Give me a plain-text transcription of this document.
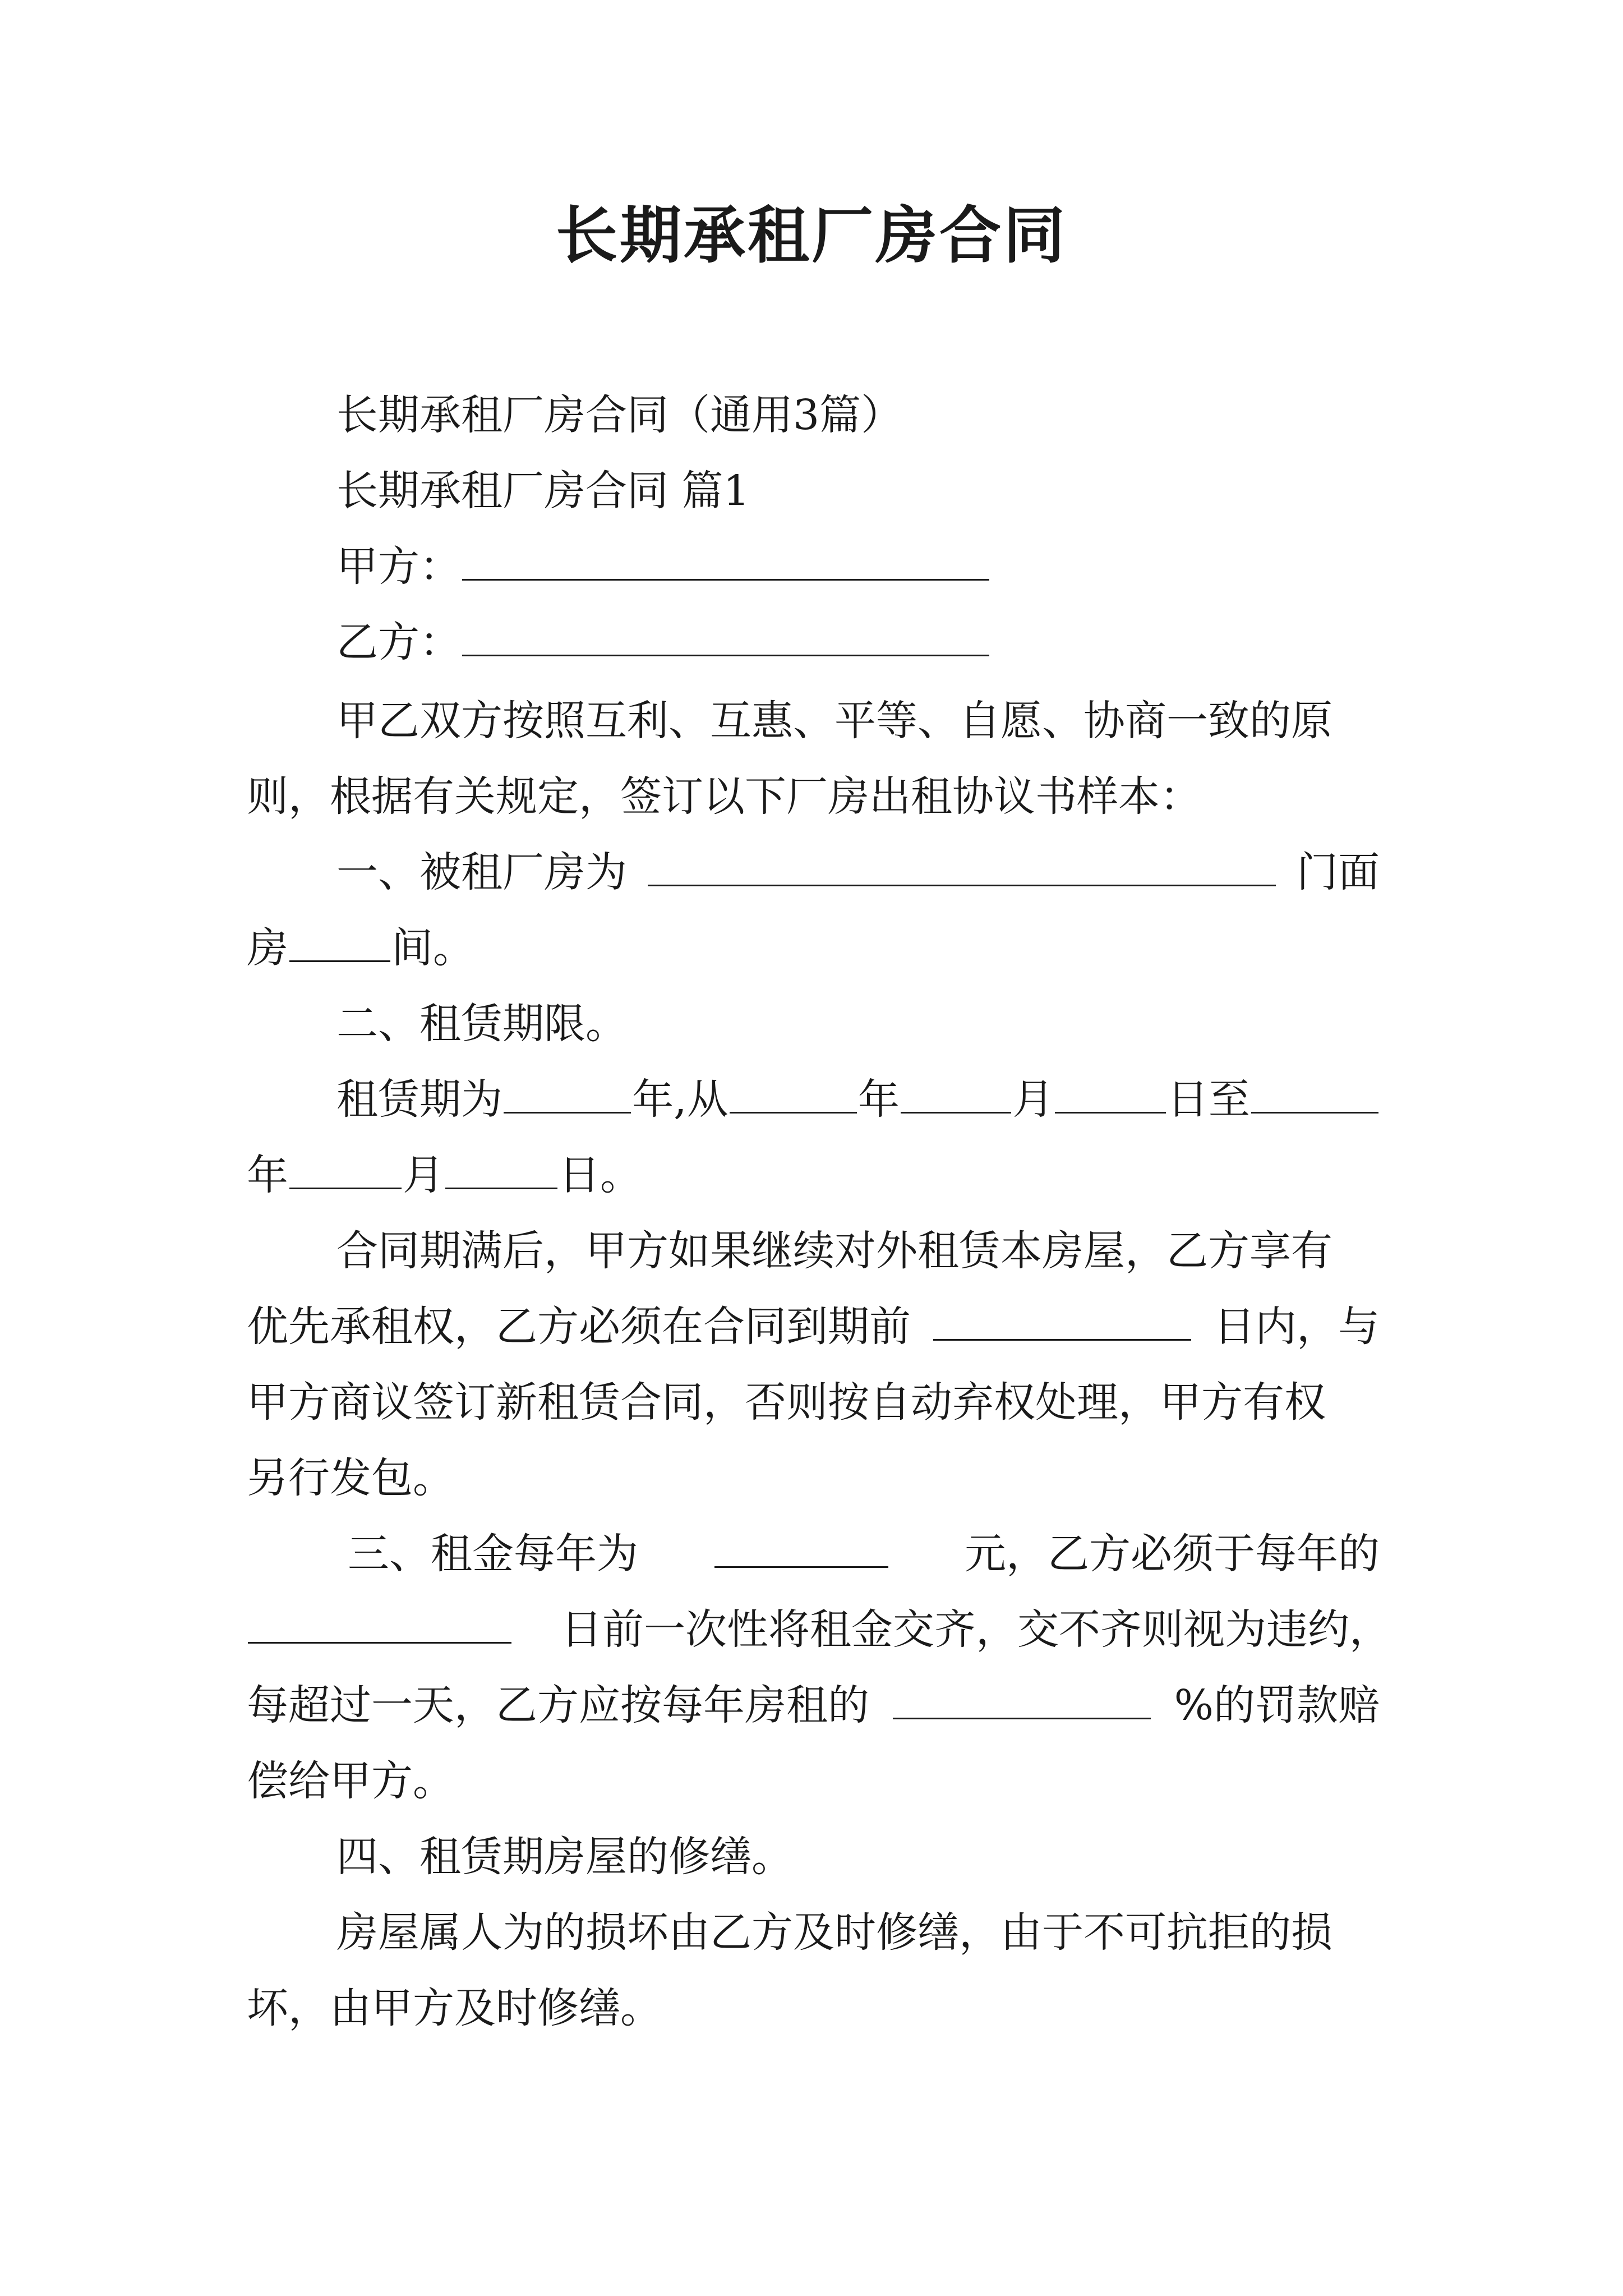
长期承租厂房合同
长期承租厂房合同（通用3篇）
长期承租厂房合同 篇1
甲方：
乙方：
甲乙双方按照互利、互惠、平等、自愿、协商一致的原
则，根据有关规定，签订以下厂房出租协议书样本：
一、被租厂房为	门面
房 间。
二、租赁期限。
租赁期为	年,从	年	月	日至
年	月	日。
合同期满后，甲方如果继续对外租赁本房屋，乙方享有
优先承租权，乙方必须在合同到期前	日内，与
甲方商议签订新租赁合同，否则按自动弃权处理，甲方有权
另行发包。
三、租金每年为	元，乙方必须于每年的
日前一次性将租金交齐，交不齐则视为违约，
每超过一天，乙方应按每年房租的	%的罚款赔
偿给甲方。
四、租赁期房屋的修缮。
房屋属人为的损坏由乙方及时修缮，由于不可抗拒的损
坏，由甲方及时修缮。
